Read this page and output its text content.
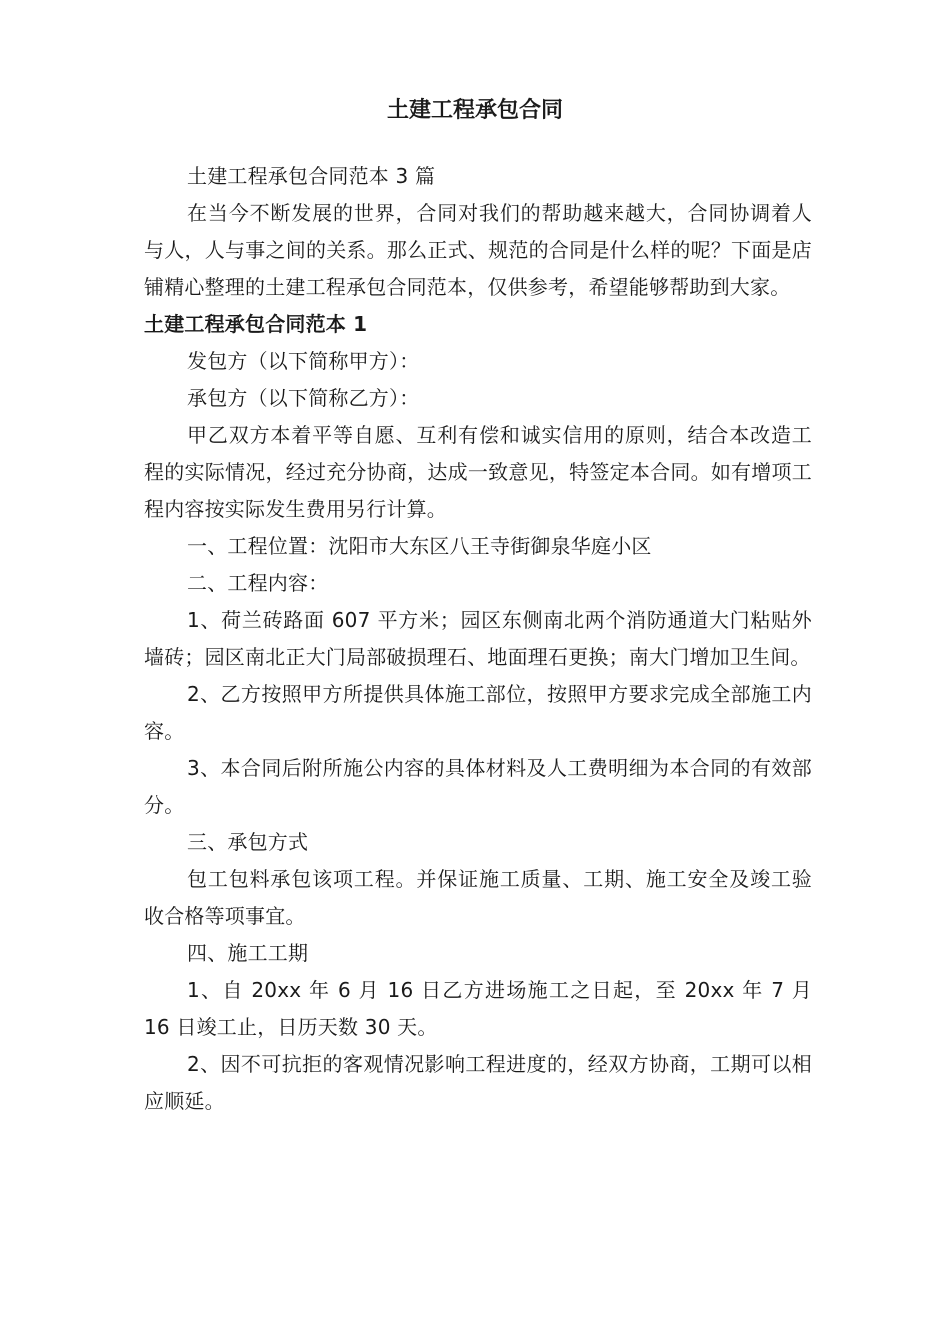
土建工程承包合同

土建工程承包合同范本 3 篇

在当今不断发展的世界，合同对我们的帮助越来越大，合同协调着人与人，人与事之间的关系。那么正式、规范的合同是什么样的呢？下面是店铺精心整理的土建工程承包合同范本，仅供参考，希望能够帮助到大家。

土建工程承包合同范本 1

发包方（以下简称甲方）：

承包方（以下简称乙方）：

甲乙双方本着平等自愿、互利有偿和诚实信用的原则，结合本改造工程的实际情况，经过充分协商，达成一致意见，特签定本合同。如有增项工程内容按实际发生费用另行计算。

一、工程位置：沈阳市大东区八王寺街御泉华庭小区

二、工程内容：

1、荷兰砖路面 607 平方米；园区东侧南北两个消防通道大门粘贴外墙砖；园区南北正大门局部破损理石、地面理石更换；南大门增加卫生间。

2、乙方按照甲方所提供具体施工部位，按照甲方要求完成全部施工内容。

3、本合同后附所施公内容的具体材料及人工费明细为本合同的有效部分。

三、承包方式

包工包料承包该项工程。并保证施工质量、工期、施工安全及竣工验收合格等项事宜。

四、施工工期

1、自 20xx 年 6 月 16 日乙方进场施工之日起，至 20xx 年 7 月 16 日竣工止，日历天数 30 天。

2、因不可抗拒的客观情况影响工程进度的，经双方协商，工期可以相应顺延。
